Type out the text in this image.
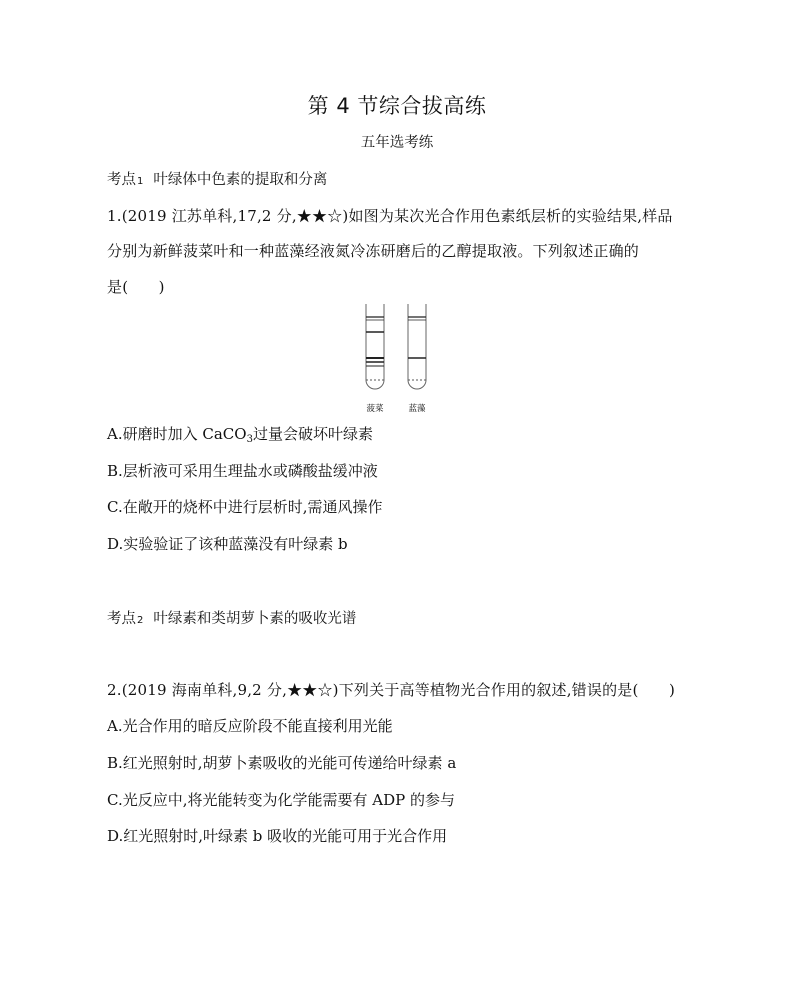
第 4 节综合拔高练
五年选考练
考点1 叶绿体中色素的提取和分离
1.(2019 江苏单科,17,2 分,★★☆)如图为某次光合作用色素纸层析的实验结果,样品
分别为新鲜菠菜叶和一种蓝藻经液氮冷冻研磨后的乙醇提取液。下列叙述正确的
是(　　)
菠菜	蓝藻
A.研磨时加入 CaCO$_3$过量会破坏叶绿素
B.层析液可采用生理盐水或磷酸盐缓冲液
C.在敞开的烧杯中进行层析时,需通风操作
D.实验验证了该种蓝藻没有叶绿素 b
考点2 叶绿素和类胡萝卜素的吸收光谱
2.(2019 海南单科,9,2 分,★★☆)下列关于高等植物光合作用的叙述,错误的是(　　)
A.光合作用的暗反应阶段不能直接利用光能
B.红光照射时,胡萝卜素吸收的光能可传递给叶绿素 a
C.光反应中,将光能转变为化学能需要有 ADP 的参与
D.红光照射时,叶绿素 b 吸收的光能可用于光合作用
